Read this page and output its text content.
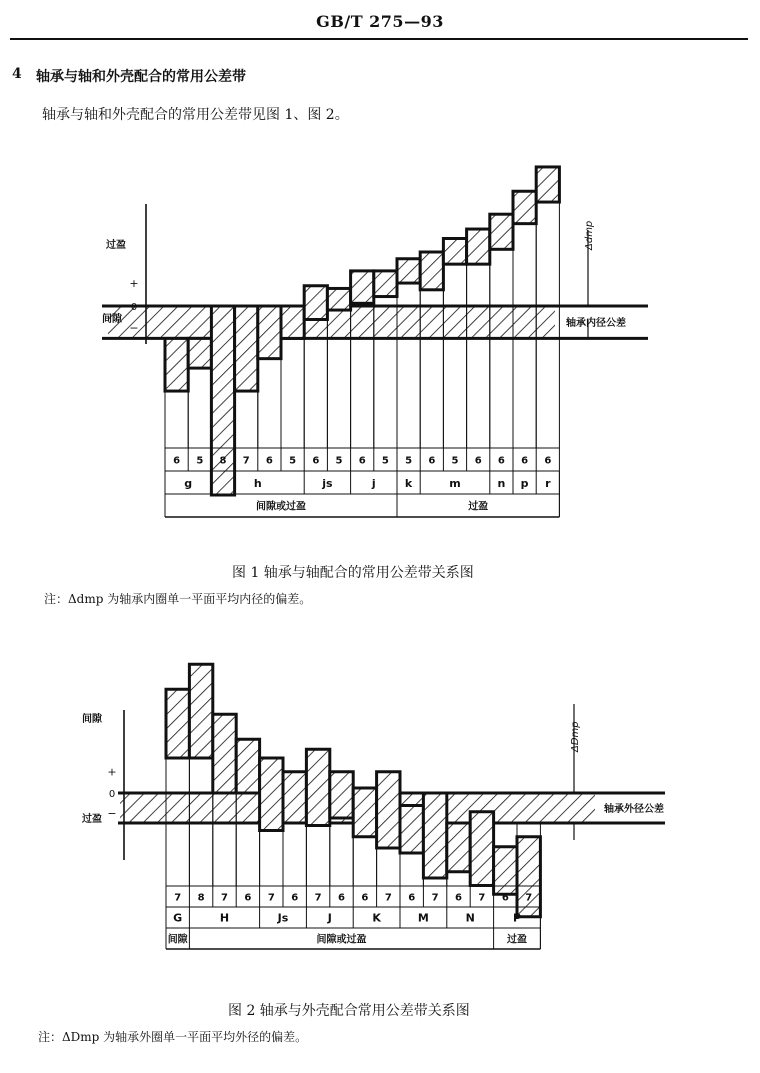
GB/T 275—93
4 轴承与轴和外壳配合的常用公差带
轴承与轴和外壳配合的常用公差带见图 1、图 2。
6 5 8 7 6 5 6 5 6 5 5 6 5 6 6 6 6
g	h	js	j	k	m	n p r
间隙或过盈	过盈
+
0
−	轴承内径公差
Δdmp
过盈
间隙
图 1 轴承与轴配合的常用公差带关系图
注：Δdmp 为轴承内圈单一平面平均内径的偏差。
7 8 7 6 7 6 7 6 6 7 6 7 6 7 6 7
G	H	Js	J	K	M	N	P
间隙	间隙或过盈	过盈
+
0
−	轴承外径公差
ΔDmp
间隙
过盈
图 2 轴承与外壳配合常用公差带关系图
注：ΔDmp 为轴承外圈单一平面平均外径的偏差。
